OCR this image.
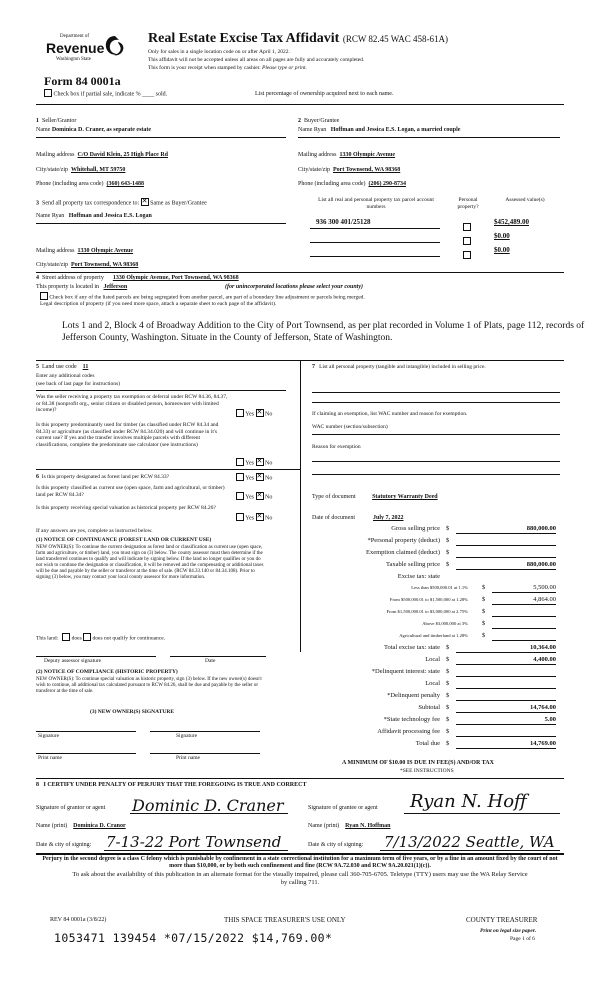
Department of
Revenue
Washington State
Form 84 0001a
Check box if partial sale, indicate % ____ sold.	List percentage of ownership acquired next to each name.
Real Estate Excise Tax Affidavit (RCW 82.45 WAC 458-61A)
Only for sales in a single location code on or after April 1, 2022.
This affidavit will not be accepted unless all areas on all pages are fully and accurately completed.
This form is your receipt when stamped by cashier. Please type or print.
1 Seller/Grantor
Name Dominica D. Craner, as separate estate
Mailing address C/O David Klein, 25 High Place Rd
City/state/zip Whitehall, MT 59750
Phone (including area code) (360) 643-1488
2 Buyer/Grantee
Name Ryan Hoffman and Jessica E.S. Logan, a married couple
Mailing address 1330 Olympic Avenue
City/state/zip Port Townsend, WA 98368
Phone (including area code) (206) 290-8734
3 Send all property tax correspondence to: ✕ Same as Buyer/Grantee
Name Ryan Hoffman and Jessica E.S. Logan
Mailing address 1330 Olympic Avenue
City/state/zip Port Townsend, WA 98368
List all real and personal property tax parcel account numbers
Personal property?
Assessed value(s)
936 300 401/25128	$452,489.00
$0.00
$0.00
4 Street address of property 1330 Olympic Avenue, Port Townsend, WA 98368
This property is located in Jefferson	(for unincorporated locations please select your county)
Check box if any of the listed parcels are being segregated from another parcel, are part of a boundary line adjustment or parcels being merged.
Legal description of property (if you need more space, attach a separate sheet to each page of the affidavit).
Lots 1 and 2, Block 4 of Broadway Addition to the City of Port Townsend, as per plat recorded in Volume 1 of Plats, page 112, records of Jefferson County, Washington. Situate in the County of Jefferson, State of Washington.
5 Land use code 11
Enter any additional codes
(see back of last page for instructions)
Was the seller receiving a property tax exemption or deferral under RCW 84.36, 84.37, or 84.38 (nonprofit org., senior citizen or disabled person, homeowner with limited income)?
Yes ✕ No
Is this property predominantly used for timber (as classified under RCW 84.34 and 84.33) or agriculture (as classified under RCW 84.34.020) and will continue in it's current use? If yes and the transfer involves multiple parcels with different classifications, complete the predominate use calculator (see instructions)
Yes ✕ No
6 Is this property designated as forest land per RCW 84.33?	Yes ✕ No
Is this property classified as current use (open space, farm and agricultural, or timber) land per RCW 84.34?	Yes ✕ No
Is this property receiving special valuation as historical property per RCW 84.26?
Yes ✕ No
If any answers are yes, complete as instructed below.
(1) NOTICE OF CONTINUANCE (FOREST LAND OR CURRENT USE)
NEW OWNER(S): To continue the current designation as forest land or classification as current use (open space, farm and agriculture, or timber) land, you must sign on (3) below. The county assessor must then determine if the land transferred continues to qualify and will indicate by signing below. If the land no longer qualifies or you do not wish to continue the designation or classification, it will be removed and the compensating or additional taxes will be due and payable by the seller or transferor at the time of sale. (RCW 84.33.140 or 84.34.108). Prior to signing (3) below, you may contact your local county assessor for more information.
This land: does does not qualify for continuance.
Deputy assessor signature	Date
(2) NOTICE OF COMPLIANCE (HISTORIC PROPERTY)
NEW OWNER(S): To continue special valuation as historic property, sign (3) below. If the new owner(s) doesn't wish to continue, all additional tax calculated pursuant to RCW 84.26, shall be due and payable by the seller or transferor at the time of sale.
(3) NEW OWNER(S) SIGNATURE
Signature	Signature
Print name	Print name
7 List all personal property (tangible and intangible) included in selling price.
If claiming an exemption, list WAC number and reason for exemption.
WAC number (section/subsection)
Reason for exemption
Type of document	Statutory Warranty Deed
Date of document	July 7, 2022
Gross selling price $	880,000.00
*Personal property (deduct) $
Exemption claimed (deduct) $
Taxable selling price $	880,000.00
Excise tax: state
Less than $500,000.01 at 1.1% $	5,500.00
From $500,000.01 to $1,500,000 at 1.28% $	4,864.00
From $1,500,000.01 to $3,000,000 at 2.75% $
Above $3,000,000 at 3% $
Agricultural and timberland at 1.28% $
Total excise tax: state $	10,364.00
Local $	4,400.00
*Delinquent interest: state $
Local $
*Delinquent penalty $
Subtotal $	14,764.00
*State technology fee $	5.00
Affidavit processing fee $
Total due $	14,769.00
A MINIMUM OF $10.00 IS DUE IN FEE(S) AND/OR TAX
*SEE INSTRUCTIONS
8 I CERTIFY UNDER PENALTY OF PERJURY THAT THE FOREGOING IS TRUE AND CORRECT
Signature of grantor or agent Dominic D. Craner	Signature of grantee or agent Ryan N. Hoff
Name (print) Dominica D. Cranor	Name (print) Ryan N. Hoffman
Date & city of signing: 7-13-22 Port Townsend	Date & city of signing: 7/13/2022 Seattle, WA
Perjury in the second degree is a class C felony which is punishable by confinement in a state correctional institution for a maximum term of five years, or by a fine in an amount fixed by the court of not more than $10,000, or by both such confinement and fine (RCW 9A.72.030 and RCW 9A.20.021(1)(c)).
To ask about the availability of this publication in an alternate format for the visually impaired, please call 360-705-6705. Teletype (TTY) users may use the WA Relay Service by calling 711.
REV 84 0001a (3/8/22)	THIS SPACE TREASURER'S USE ONLY	COUNTY TREASURER
Print on legal size paper.
Page 1 of 6
1053471 139454 *07/15/2022 $14,769.00*
